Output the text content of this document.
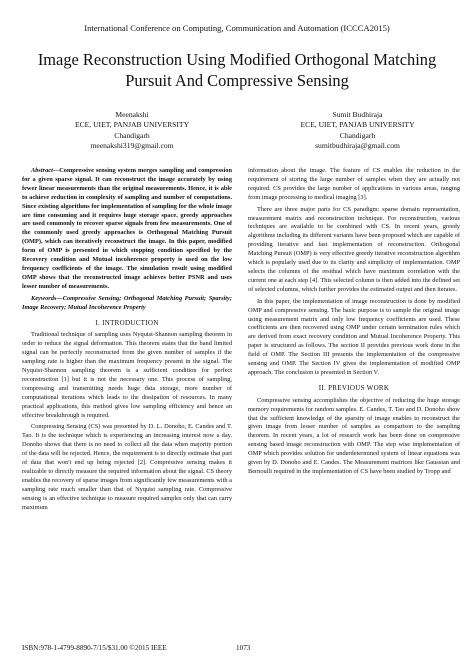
International Conference on Computing, Communication and Automation (ICCCA2015)
Image Reconstruction Using Modified Orthogonal Matching Pursuit And Compressive Sensing
Meenakshi
ECE, UIET, PANJAB UNIVERSITY
Chandigarh
meenakshi319@gmail.com
Sumit Budhiraja
ECE, UIET, PANJAB UNIVERSITY
Chandigarh
sumitbudhiraja@gmail.com

Abstract—Compressive sensing system merges sampling and compression for a given sparse signal. It can reconstruct the image accurately by using fewer linear measurements than the original measurements. Hence, it is able to achieve reduction in complexity of sampling and number of computations. Since existing algorithms for implementation of sampling for the whole image are time consuming and it requires huge storage space, greedy approaches are used commonly to recover sparse signals from few measurements. One of the commonly used greedy approaches is Orthogonal Matching Pursuit (OMP), which can iteratively reconstruct the image. In this paper, modified form of OMP is presented in which stopping condition specified by the Recovery condition and Mutual incoherence property is used on the low frequency coefficients of the image. The simulation result using modified OMP shows that the reconstructed image achieves better PSNR and uses lesser number of measurements.

Keywords—Compressive Sensing; Orthogonal Matching Pursuit; Sparsity; Image Recovery; Mutual Incoherence Property

I. INTRODUCTION

Traditional technique of sampling uses Nyquist-Shannon sampling theorem in order to reduce the signal deformation. This theorem states that the band limited signal can be perfectly reconstructed from the given number of samples if the sampling rate is higher than the maximum frequency present in the signal. The Nyquist-Shannon sampling theorem is a sufficient condition for perfect reconstruction [1] but it is not the necessary one. This process of sampling, compressing and transmitting needs huge data storage, more number of computational iterations which leads to the dissipation of resources. In many practical applications, this method gives low sampling efficiency and hence an effective breakthrough is required.

Compressing Sensing (CS) was presented by D. L. Donoho, E. Candes and T. Tao. It is the technique which is experiencing an increasing interest now a day. Donoho shows that there is no need to collect all the data when majority portion of the data will be rejected. Hence, the requirement is to directly estimate that part of data that won't end up being rejected [2]. Compressive sensing makes it realizable to directly measure the required information about the signal. CS theory enables the recovery of sparse images from significantly few measurements with a sampling rate much smaller than that of Nyquist sampling rate. Compressive sensing is an effective technique to measure required samples only that can carry maximum

information about the image. The feature of CS enables the reduction in the requirement of storing the large number of samples when they are actually not required. CS provides the large number of applications in various areas, ranging from image processing to medical imaging [3].

There are three major parts for CS paradigm: sparse domain representation, measurement matrix and reconstruction technique. For reconstruction, various techniques are available to be combined with CS. In recent years, greedy algorithms including its different variants have been proposed which are capable of providing iterative and fast implementation of reconstruction. Orthogonal Matching Pursuit (OMP) is very effective greedy iterative reconstruction algorithm which is popularly used due to its clarity and simplicity of implementation. OMP selects the columns of the residual which have maximum correlation with the current one at each step [4]. This selected column is then added into the defined set of selected columns, which further provides the estimated output and then iterates.

In this paper, the implementation of image reconstruction is done by modified OMP and compressive sensing. The basic purpose is to sample the original image using measurement matrix and only low frequency coefficients are used. These coefficients are then recovered using OMP under certain termination rules which are derived from exact recovery condition and Mutual Incoherence Property. This paper is structured as follows. The section II provides previous work done in the field of OMP. The Section III presents the implementation of the compressive sensing and OMP. The Section IV gives the implementation of modified OMP approach. The conclusion is presented in Section V.

II. PREVIOUS WORK

Compressive sensing accomplishes the objective of reducing the huge storage memory requirements for random samples. E. Candes, T. Tao and D. Donoho show that the sufficient knowledge of the sparsity of image enables to reconstruct the given image from lesser number of samples as comparison to the sampling theorem. In recent years, a lot of research work has been done on compressive sensing based image reconstruction with OMP. The step wise implementation of OMP which provides solution for underdetermined system of linear equations was given by D. Donoho and E. Candes. The Measurement matrices like Gaussian and Bernoulli required in the implementation of CS have been studied by Tropp and

ISBN:978-1-4799-8890-7/15/$31.00 ©2015 IEEE	1073
